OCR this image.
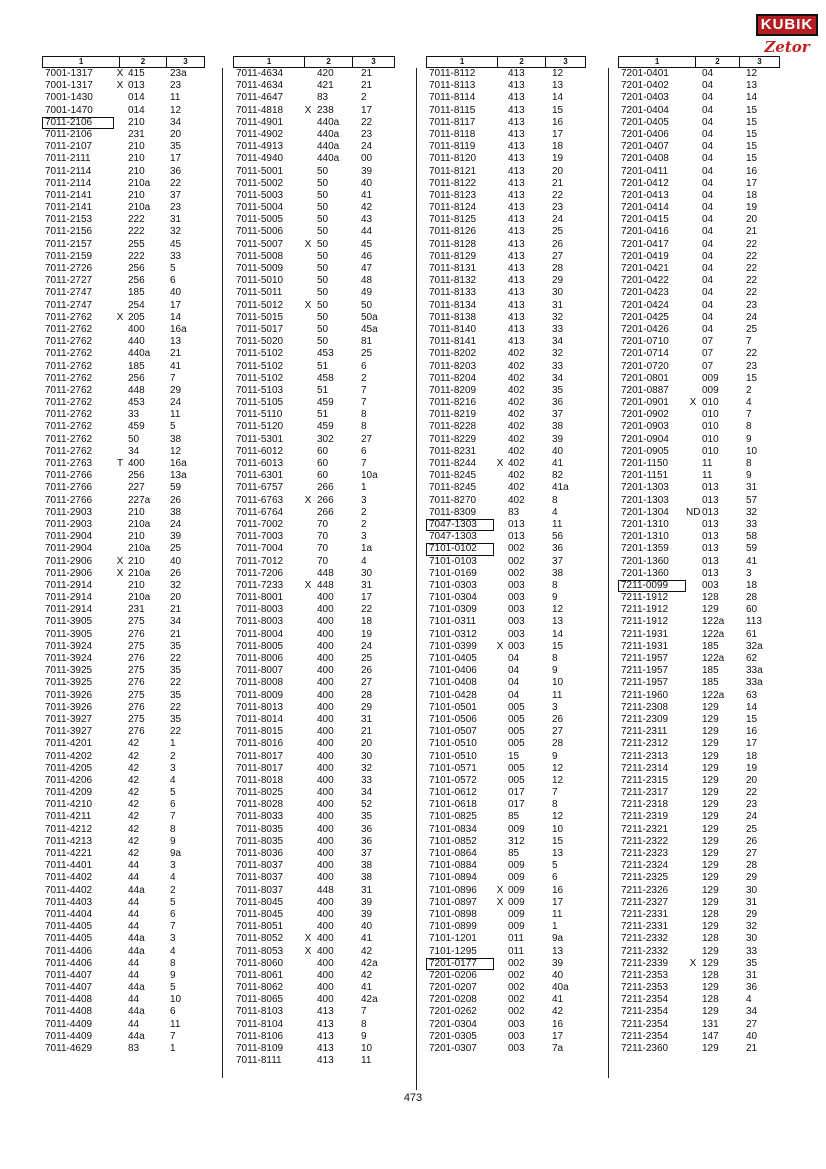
KUBIK
Zetor
1	2	3
7001-1317	X 415	23a
7001-1317	X 013	23
7001-1430	014	11
7001-1470	014	12
7011-2106	210	34
7011-2106	231	20
7011-2107	210	35
7011-2111	210	17
7011-2114	210	36
7011-2114	210a	22
7011-2141	210	37
7011-2141	210a	23
7011-2153	222	31
7011-2156	222	32
7011-2157	255	45
7011-2159	222	33
7011-2726	256	5
7011-2727	256	6
7011-2747	185	40
7011-2747	254	17
7011-2762	X 205	14
7011-2762	400	16a
7011-2762	440	13
7011-2762	440a	21
7011-2762	185	41
7011-2762	256	7
7011-2762	448	29
7011-2762	453	24
7011-2762	33	11
7011-2762	459	5
7011-2762	50	38
7011-2762	34	12
7011-2763	T 400	16a
7011-2766	256	13a
7011-2766	227	59
7011-2766	227a	26
7011-2903	210	38
7011-2903	210a	24
7011-2904	210	39
7011-2904	210a	25
7011-2906	X 210	40
7011-2906	X 210a	26
7011-2914	210	32
7011-2914	210a	20
7011-2914	231	21
7011-3905	275	34
7011-3905	276	21
7011-3924	275	35
7011-3924	276	22
7011-3925	275	35
7011-3925	276	22
7011-3926	275	35
7011-3926	276	22
7011-3927	275	35
7011-3927	276	22
7011-4201	42	1
7011-4202	42	2
7011-4205	42	3
7011-4206	42	4
7011-4209	42	5
7011-4210	42	6
7011-4211	42	7
7011-4212	42	8
7011-4213	42	9
7011-4221	42	9a
7011-4401	44	3
7011-4402	44	4
7011-4402	44a	2
7011-4403	44	5
7011-4404	44	6
7011-4405	44	7
7011-4405	44a	3
7011-4406	44a	4
7011-4406	44	8
7011-4407	44	9
7011-4407	44a	5
7011-4408	44	10
7011-4408	44a	6
7011-4409	44	11
7011-4409	44a	7
7011-4629	83	1
1	2	3
7011-4634	420	21
7011-4634	421	21
7011-4647	83	2
7011-4818	X 238	17
7011-4901	440a	22
7011-4902	440a	23
7011-4913	440a	24
7011-4940	440a	00
7011-5001	50	39
7011-5002	50	40
7011-5003	50	41
7011-5004	50	42
7011-5005	50	43
7011-5006	50	44
7011-5007	X 50	45
7011-5008	50	46
7011-5009	50	47
7011-5010	50	48
7011-5011	50	49
7011-5012	X 50	50
7011-5015	50	50a
7011-5017	50	45a
7011-5020	50	81
7011-5102	453	25
7011-5102	51	6
7011-5102	458	2
7011-5103	51	7
7011-5105	459	7
7011-5110	51	8
7011-5120	459	8
7011-5301	302	27
7011-6012	60	6
7011-6013	60	7
7011-6301	60	10a
7011-6757	266	1
7011-6763	X 266	3
7011-6764	266	2
7011-7002	70	2
7011-7003	70	3
7011-7004	70	1a
7011-7012	70	4
7011-7206	448	30
7011-7233	X 448	31
7011-8001	400	17
7011-8003	400	22
7011-8003	400	18
7011-8004	400	19
7011-8005	400	24
7011-8006	400	25
7011-8007	400	26
7011-8008	400	27
7011-8009	400	28
7011-8013	400	29
7011-8014	400	31
7011-8015	400	21
7011-8016	400	20
7011-8017	400	30
7011-8017	400	32
7011-8018	400	33
7011-8025	400	34
7011-8028	400	52
7011-8033	400	35
7011-8035	400	36
7011-8035	400	36
7011-8036	400	37
7011-8037	400	38
7011-8037	400	38
7011-8037	448	31
7011-8045	400	39
7011-8045	400	39
7011-8051	400	40
7011-8052	X 400	41
7011-8053	X 400	42
7011-8060	400	42a
7011-8061	400	42
7011-8062	400	41
7011-8065	400	42a
7011-8103	413	7
7011-8104	413	8
7011-8106	413	9
7011-8109	413	10
7011-8111	413	11
1	2	3
7011-8112	413	12
7011-8113	413	13
7011-8114	413	14
7011-8115	413	15
7011-8117	413	16
7011-8118	413	17
7011-8119	413	18
7011-8120	413	19
7011-8121	413	20
7011-8122	413	21
7011-8123	413	22
7011-8124	413	23
7011-8125	413	24
7011-8126	413	25
7011-8128	413	26
7011-8129	413	27
7011-8131	413	28
7011-8132	413	29
7011-8133	413	30
7011-8134	413	31
7011-8138	413	32
7011-8140	413	33
7011-8141	413	34
7011-8202	402	32
7011-8203	402	33
7011-8204	402	34
7011-8209	402	35
7011-8216	402	36
7011-8219	402	37
7011-8228	402	38
7011-8229	402	39
7011-8231	402	40
7011-8244	X 402	41
7011-8245	402	82
7011-8245	402	41a
7011-8270	402	8
7011-8309	83	4
7047-1303	013	11
7047-1303	013	56
7101-0102	002	36
7101-0103	002	37
7101-0169	002	38
7101-0303	003	8
7101-0304	003	9
7101-0309	003	12
7101-0311	003	13
7101-0312	003	14
7101-0399	X 003	15
7101-0405	04	8
7101-0406	04	9
7101-0408	04	10
7101-0428	04	11
7101-0501	005	3
7101-0506	005	26
7101-0507	005	27
7101-0510	005	28
7101-0510	15	9
7101-0571	005	12
7101-0572	005	12
7101-0612	017	7
7101-0618	017	8
7101-0825	85	12
7101-0834	009	10
7101-0852	312	15
7101-0864	85	13
7101-0884	009	5
7101-0894	009	6
7101-0896	X 009	16
7101-0897	X 009	17
7101-0898	009	11
7101-0899	009	1
7101-1201	011	9a
7101-1295	011	13
7201-0177	002	39
7201-0206	002	40
7201-0207	002	40a
7201-0208	002	41
7201-0262	002	42
7201-0304	003	16
7201-0305	003	17
7201-0307	003	7a
1	2	3
7201-0401	04	12
7201-0402	04	13
7201-0403	04	14
7201-0404	04	15
7201-0405	04	15
7201-0406	04	15
7201-0407	04	15
7201-0408	04	15
7201-0411	04	16
7201-0412	04	17
7201-0413	04	18
7201-0414	04	19
7201-0415	04	20
7201-0416	04	21
7201-0417	04	22
7201-0419	04	22
7201-0421	04	22
7201-0422	04	22
7201-0423	04	22
7201-0424	04	23
7201-0425	04	24
7201-0426	04	25
7201-0710	07	7
7201-0714	07	22
7201-0720	07	23
7201-0801	009	15
7201-0887	009	2
7201-0901	X 010	4
7201-0902	010	7
7201-0903	010	8
7201-0904	010	9
7201-0905	010	10
7201-1150	11	8
7201-1151	11	9
7201-1303	013	31
7201-1303	013	57
7201-1304	ND 013	32
7201-1310	013	33
7201-1310	013	58
7201-1359	013	59
7201-1360	013	41
7201-1360	013	3
7211-0099	003	18
7211-1912	128	28
7211-1912	129	60
7211-1912	122a	113
7211-1931	122a	61
7211-1931	185	32a
7211-1957	122a	62
7211-1957	185	33a
7211-1957	185	33a
7211-1960	122a	63
7211-2308	129	14
7211-2309	129	15
7211-2311	129	16
7211-2312	129	17
7211-2313	129	18
7211-2314	129	19
7211-2315	129	20
7211-2317	129	22
7211-2318	129	23
7211-2319	129	24
7211-2321	129	25
7211-2322	129	26
7211-2323	129	27
7211-2324	129	28
7211-2325	129	29
7211-2326	129	30
7211-2327	129	31
7211-2331	128	29
7211-2331	129	32
7211-2332	128	30
7211-2332	129	33
7211-2339	X 129	35
7211-2353	128	31
7211-2353	129	36
7211-2354	128	4
7211-2354	129	34
7211-2354	131	27
7211-2354	147	40
7211-2360	129	21
473
